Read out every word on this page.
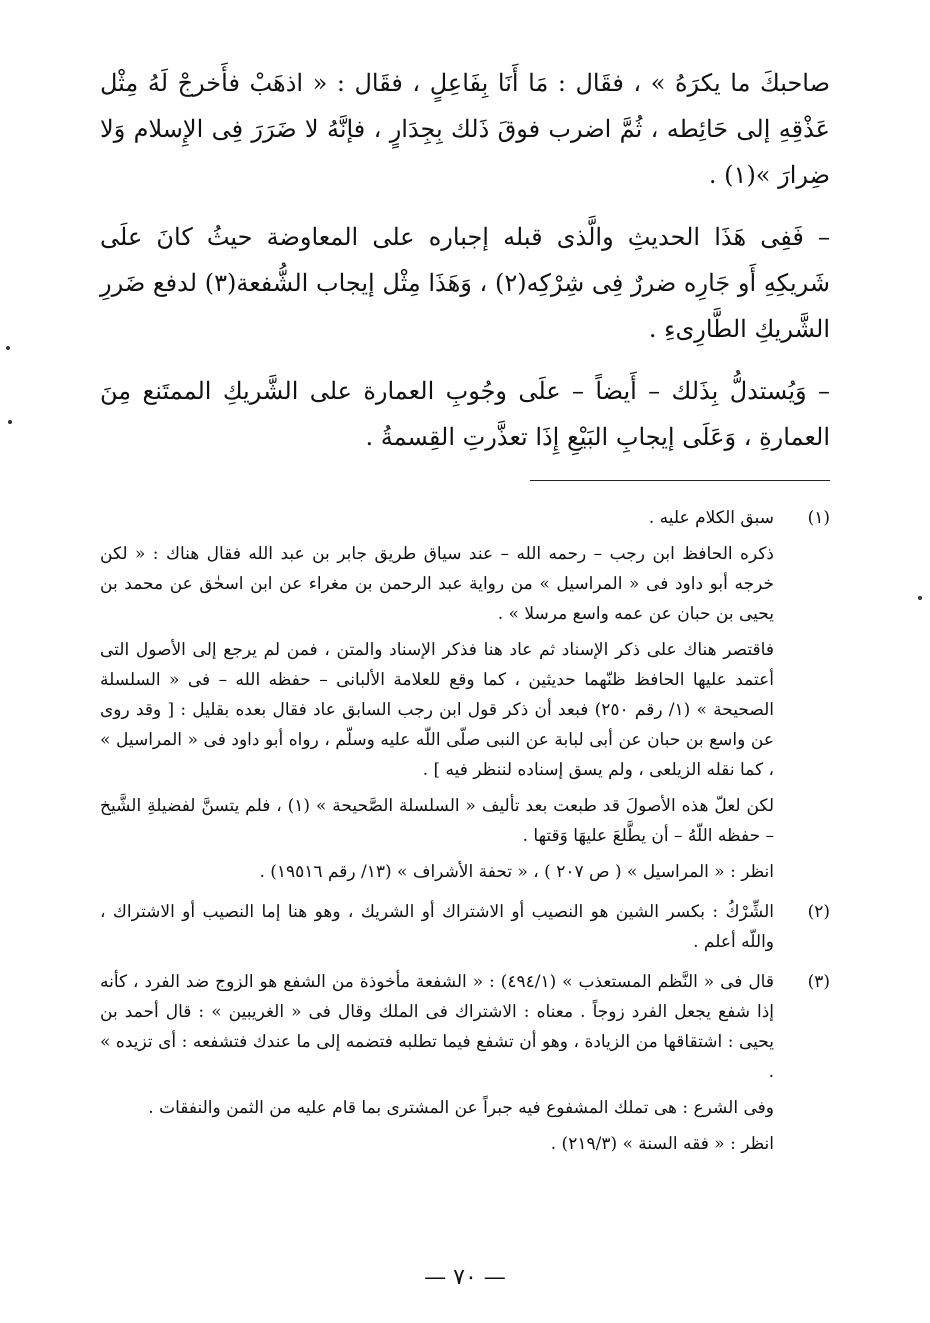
صاحبكَ ما يكرَهُ » ، فقَال : مَا أَنَا بِفَاعِلٍ ، فقَال : « اذهَبْ فأَخرجْ لَهُ مِثْل عَذْقِهِ إلى حَائِطه ، ثُمَّ اضرب فوقَ ذَلك بِجِدَارٍ ، فإنَّهُ لا ضَرَرَ فِى الإِسلام وَلا ضِرارَ »(١) .

– فَفِى هَذَا الحديثِ والَّذى قبله إجباره على المعاوضة حيثُ كانَ علَى شَريكِهِ أَو جَارِه ضررٌ فِى شِرْكِه(٢) ، وَهَذَا مِثْل إيجاب الشُّفعة(٣) لدفع ضَررِ الشَّريكِ الطَّارِىءِ .

– وَيُستدلُّ بِذَلك – أَيضاً – علَى وجُوبِ العمارة على الشَّريكِ الممتَنع مِنَ العمارةِ ، وَعَلَى إيجابِ البَيْعِ إِذَا تعذَّرتِ القِسمةُ .

(١)

سبق الكلام عليه .

ذكره الحافظ ابن رجب – رحمه الله – عند سياق طريق جابر بن عبد الله فقال هناك : « لكن خرجه أبو داود فى « المراسيل » من رواية عبد الرحمن بن مغراء عن ابن اسحٰق عن محمد بن يحيى بن حبان عن عمه واسع مرسلا » .

فاقتصر هناك على ذكر الإسناد ثم عاد هنا فذكر الإسناد والمتن ، فمن لم يرجع إلى الأصول التى أعتمد عليها الحافظ ظنّهما حديثين ، كما وقع للعلامة الألبانى – حفظه الله – فى « السلسلة الصحيحة » (١/ رقم ٢٥٠) فبعد أن ذكر قول ابن رجب السابق عاد فقال بعده بقليل : [ وقد روى عن واسع بن حبان عن أبى لبابة عن النبى صلّى اللّه عليه وسلّم ، رواه أبو داود فى « المراسيل » ، كما نقله الزيلعى ، ولم يسق إسناده لننظر فيه ] .

لكن لعلّ هذه الأصولَ قد طبعت بعد تأليف « السلسلة الصَّحيحة » (١) ، فلم يتسنَّ لفضيلةِ الشَّيخ – حفظه اللّهُ – أن يطَّلعَ عليهَا وَقتها .

انظر : « المراسيل » ( ص ٢٠٧ ) ، « تحفة الأشراف » (١٣/ رقم ١٩٥١٦) .

(٢)

الشِّرْكُ : بكسر الشين هو النصيب أو الاشتراك أو الشريك ، وهو هنا إما النصيب أو الاشتراك ، واللّه أعلم .

(٣)

قال فى « النَّظم المستعذب » (٤٩٤/١) : « الشفعة مأخوذة من الشفع هو الزوج ضد الفرد ، كأنه إذا شفع يجعل الفرد زوجاً . معناه : الاشتراك فى الملك وقال فى « الغريبين » : قال أحمد بن يحيى : اشتقاقها من الزيادة ، وهو أن تشفع فيما تطلبه فتضمه إلى ما عندك فتشفعه : أى تزيده » .

وفى الشرع : هى تملك المشفوع فيه جبراً عن المشترى بما قام عليه من الثمن والنفقات .

انظر : « فقه السنة » (٢١٩/٣) .

— ٧٠ —
